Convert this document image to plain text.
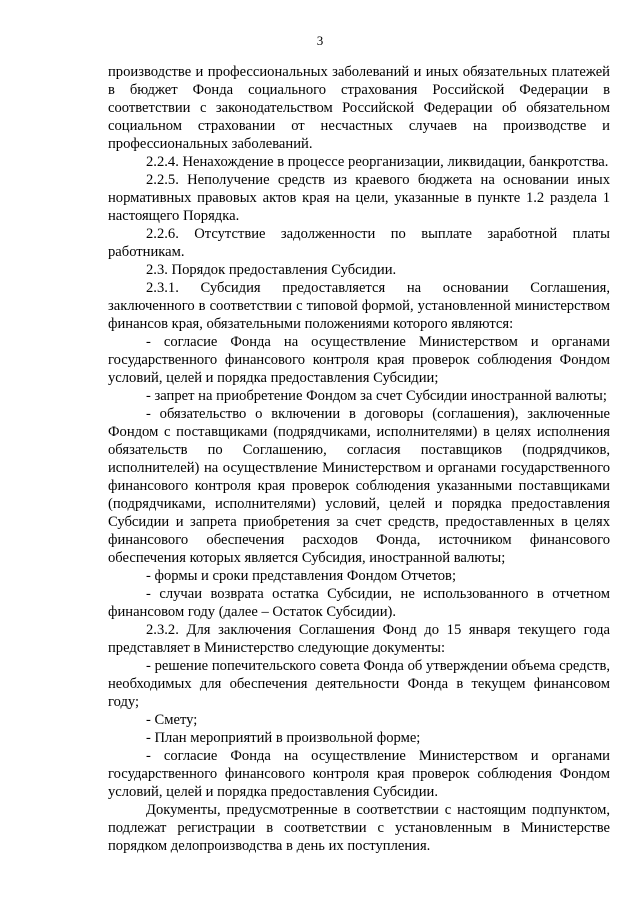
3

производстве и профессиональных заболеваний и иных обязательных платежей в бюджет Фонда социального страхования Российской Федерации в соответствии с законодательством Российской Федерации об обязательном социальном страховании от несчастных случаев на производстве и профессиональных заболеваний.

2.2.4. Ненахождение в процессе реорганизации, ликвидации, банкротства.

2.2.5. Неполучение средств из краевого бюджета на основании иных нормативных правовых актов края на цели, указанные в пункте 1.2 раздела 1 настоящего Порядка.

2.2.6. Отсутствие задолженности по выплате заработной платы работникам.

2.3. Порядок предоставления Субсидии.

2.3.1. Субсидия предоставляется на основании Соглашения, заключенного в соответствии с типовой формой, установленной министерством финансов края, обязательными положениями которого являются:

- согласие Фонда на осуществление Министерством и органами государственного финансового контроля края проверок соблюдения Фондом условий, целей и порядка предоставления Субсидии;

- запрет на приобретение Фондом за счет Субсидии иностранной валюты;

- обязательство о включении в договоры (соглашения), заключенные Фондом с поставщиками (подрядчиками, исполнителями) в целях исполнения обязательств по Соглашению, согласия поставщиков (подрядчиков, исполнителей) на осуществление Министерством и органами государственного финансового контроля края проверок соблюдения указанными поставщиками (подрядчиками, исполнителями) условий, целей и порядка предоставления Субсидии и запрета приобретения за счет средств, предоставленных в целях финансового обеспечения расходов Фонда, источником финансового обеспечения которых является Субсидия, иностранной валюты;

- формы и сроки представления Фондом Отчетов;

- случаи возврата остатка Субсидии, не использованного в отчетном финансовом году (далее – Остаток Субсидии).

2.3.2. Для заключения Соглашения Фонд до 15 января текущего года представляет в Министерство следующие документы:

- решение попечительского совета Фонда об утверждении объема средств, необходимых для обеспечения деятельности Фонда в текущем финансовом году;

- Смету;

- План мероприятий в произвольной форме;

- согласие Фонда на осуществление Министерством и органами государственного финансового контроля края проверок соблюдения Фондом условий, целей и порядка предоставления Субсидии.

Документы, предусмотренные в соответствии с настоящим подпунктом, подлежат регистрации в соответствии с установленным в Министерстве порядком делопроизводства в день их поступления.
